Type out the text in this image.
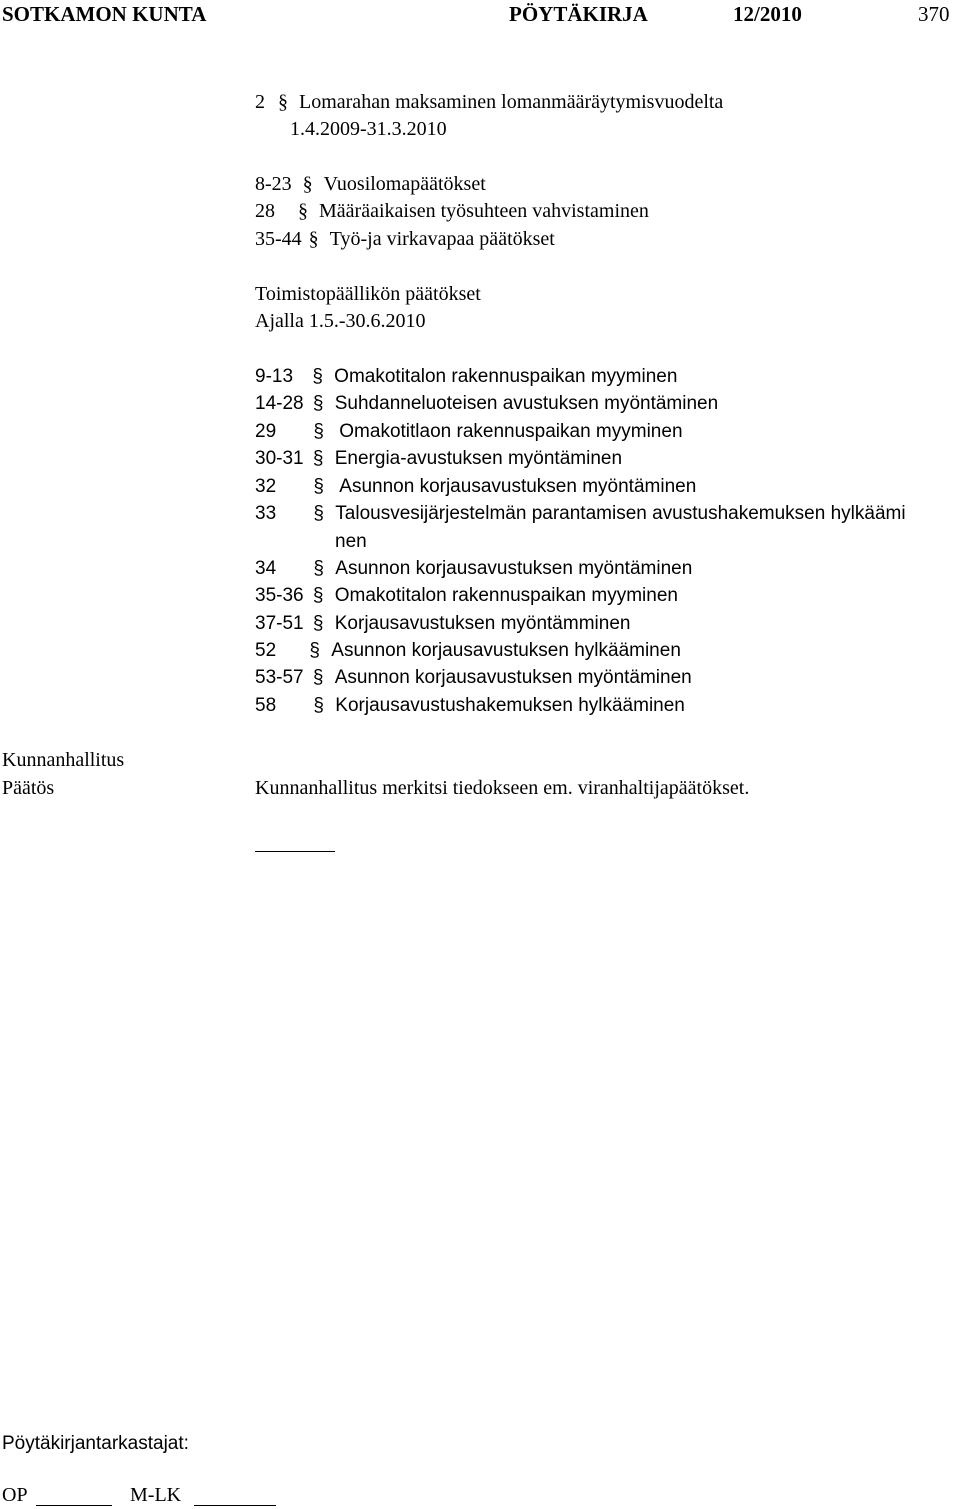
SOTKAMON KUNTA	PÖYTÄKIRJA	12/2010	370
2 § Lomarahan maksaminen lomanmääräytymisvuodelta
1.4.2009-31.3.2010
8-23 § Vuosilomapäätökset
28 § Määräaikaisen työsuhteen vahvistaminen
35-44 § Työ-ja virkavapaa päätökset
Toimistopäällikön päätökset
Ajalla 1.5.-30.6.2010
9-13 § Omakotitalon rakennuspaikan myyminen
14-28 § Suhdanneluoteisen avustuksen myöntäminen
29 § Omakotitlaon rakennuspaikan myyminen
30-31 § Energia-avustuksen myöntäminen
32 § Asunnon korjausavustuksen myöntäminen
33 § Talousvesijärjestelmän parantamisen avustushakemuksen hylkäämi
nen
34 § Asunnon korjausavustuksen myöntäminen
35-36 § Omakotitalon rakennuspaikan myyminen
37-51 § Korjausavustuksen myöntämminen
52 § Asunnon korjausavustuksen hylkääminen
53-57 § Asunnon korjausavustuksen myöntäminen
58 § Korjausavustushakemuksen hylkääminen
Kunnanhallitus
Päätös	Kunnanhallitus merkitsi tiedokseen em. viranhaltijapäätökset.
Pöytäkirjantarkastajat:
OP	M-LK
